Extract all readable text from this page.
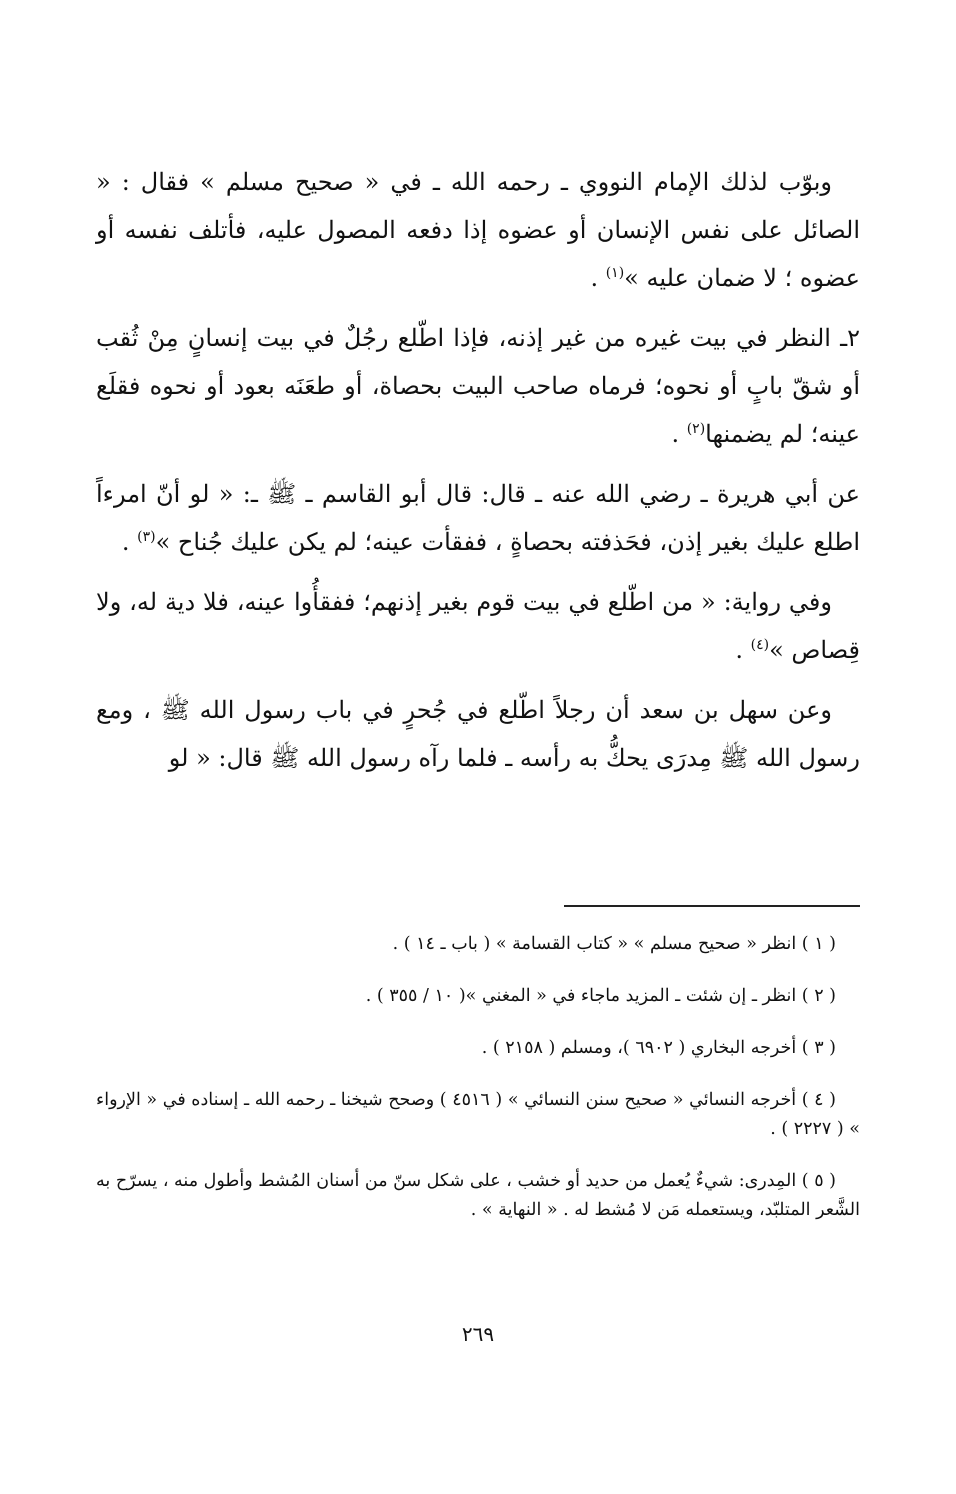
وبوّب لذلك الإمام النووي ـ رحمه الله ـ في « صحيح مسلم » فقال : « الصائل على نفس الإنسان أو عضوه إذا دفعه المصول عليه، فأتلف نفسه أو عضوه ؛ لا ضمان عليه »$^{(١)}$ .

٢ـ النظر في بيت غيره من غير إذنه، فإذا اطّلع رجُلٌ في بيت إنسانٍ مِنْ ثُقب أو شقّ بابٍ أو نحوه؛ فرماه صاحب البيت بحصاة، أو طعَنَه بعود أو نحوه فقلَع عينه؛ لم يضمنها$^{(٢)}$ .

عن أبي هريرة ـ رضي الله عنه ـ قال: قال أبو القاسم ـ ﷺ ـ: « لو أنّ امرءاً اطلع عليك بغير إذن، فحَذفته بحصاةٍ ، ففقأت عينه؛ لم يكن عليك جُناح »$^{(٣)}$ .

وفي رواية: « من اطّلع في بيت قوم بغير إذنهم؛ ففقأُوا عينه، فلا دية له، ولا قِصاص »$^{(٤)}$ .

وعن سهل بن سعد أن رجلاً اطّلع في جُحرٍ في باب رسول الله ﷺ ، ومع رسول الله ﷺ مِدرَى يحكُّ به رأسه ـ فلما رآه رسول الله ﷺ قال: « لو

( ١ ) انظر « صحيح مسلم » « كتاب القسامة » ( باب ـ ١٤ ) .

( ٢ ) انظر ـ إن شئت ـ المزيد ماجاء في « المغني »( ١٠ / ٣٥٥ ) .

( ٣ ) أخرجه البخاري ( ٦٩٠٢ )، ومسلم ( ٢١٥٨ ) .

( ٤ ) أخرجه النسائي « صحيح سنن النسائي » ( ٤٥١٦ ) وصحح شيخنا ـ رحمه الله ـ إسناده في « الإرواء » ( ٢٢٢٧ ) .

( ٥ ) المِدرى: شيءٌ يُعمل من حديد أو خشب ، على شكل سنّ من أسنان المُشط وأطول منه ، يسرّح به الشَّعر المتلبّد، ويستعمله مَن لا مُشط له . « النهاية » .

٢٦٩
